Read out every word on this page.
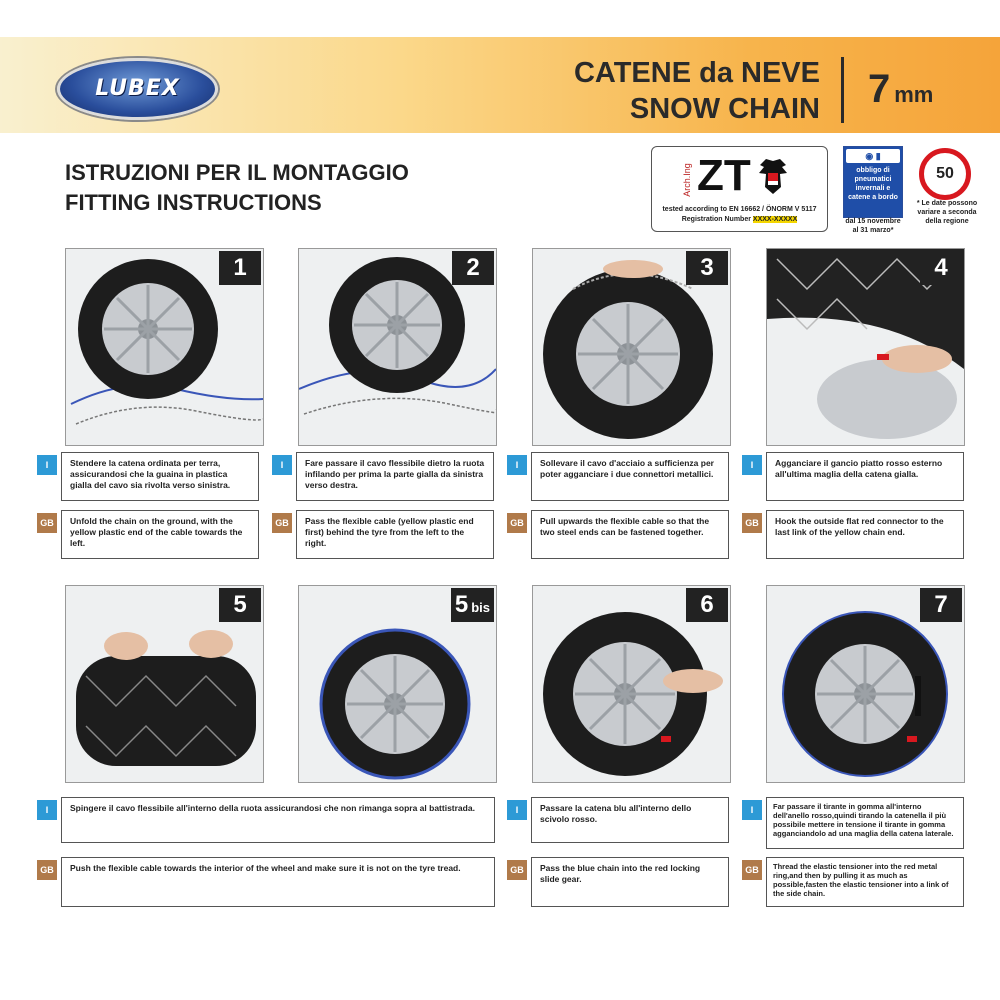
LUBEX	CATENE da NEVE
SNOW CHAIN 7 mm
ISTRUZIONI PER IL MONTAGGIO
FITTING INSTRUCTIONS
Arch.Ing ZT
tested according to EN 16662 / ÖNORM V 5117
Registration Number XXXX-XXXXX
◉ ▮
obbligo di pneumatici invernali e catene a bordo
dal 15 novembre al 31 marzo*
50
* Le date possono variare a seconda della regione
1	2	3	4
I	Stendere la catena ordinata per terra, assicurandosi che la guaina in plastica gialla del cavo sia rivolta verso sinistra.
GB	Unfold the chain on the ground, with the yellow plastic end of the cable towards the left.
I	Fare passare il cavo flessibile dietro la ruota infilando per prima la parte gialla da sinistra verso destra.
GB	Pass the flexible cable (yellow plastic end first) behind the tyre from the left to the right.
I	Sollevare il cavo d'acciaio a sufficienza per poter agganciare i due connettori metallici.
GB	Pull upwards the flexible cable so that the two steel ends can be fastened together.
I	Agganciare il gancio piatto rosso esterno all'ultima maglia della catena gialla.
GB	Hook the outside flat red connector to the last link of the yellow chain end.
5	5 bis	6	7
I	Spingere il cavo flessibile all'interno della ruota assicurandosi che non rimanga sopra al battistrada.
GB	Push the flexible cable towards the interior of the wheel and make sure it is not on the tyre tread.
I	Passare la catena blu all'interno dello scivolo rosso.
GB	Pass the blue chain into the red locking slide gear.
I	Far passare il tirante in gomma all'interno dell'anello rosso,quindi tirando la catenella il più possibile mettere in tensione il tirante in gomma agganciandolo ad una maglia della catena laterale.
GB	Thread the elastic tensioner into the red metal ring,and then by pulling it as much as possible,fasten the elastic tensioner into a link of the side chain.
